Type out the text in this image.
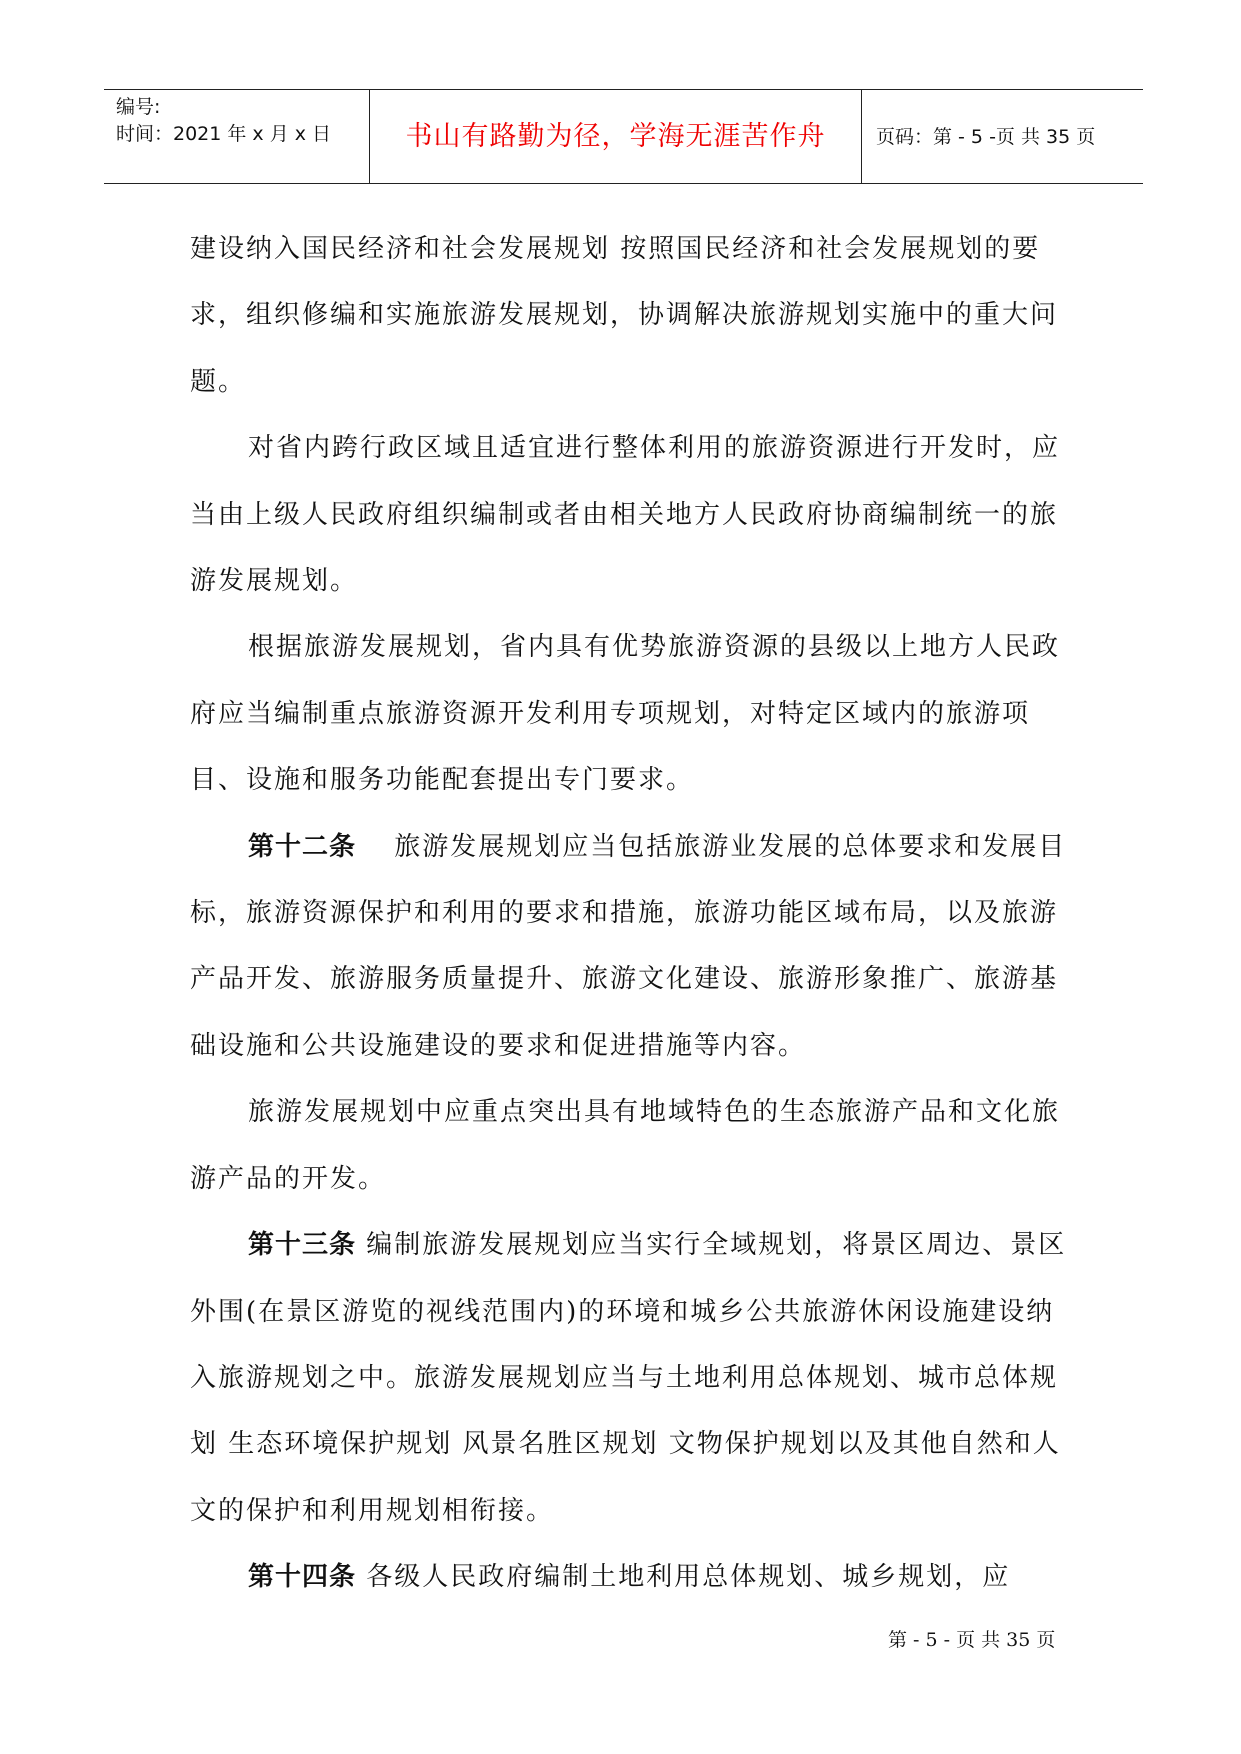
编号:
时间：2021 年 x 月 x 日	书山有路勤为径，学海无涯苦作舟	页码：第 - 5 -页 共 35 页

建设纳入国民经济和社会发展规划 按照国民经济和社会发展规划的要求，组织修编和实施旅游发展规划，协调解决旅游规划实施中的重大问题。

对省内跨行政区域且适宜进行整体利用的旅游资源进行开发时，应当由上级人民政府组织编制或者由相关地方人民政府协商编制统一的旅游发展规划。

根据旅游发展规划，省内具有优势旅游资源的县级以上地方人民政府应当编制重点旅游资源开发利用专项规划，对特定区域内的旅游项目、设施和服务功能配套提出专门要求。

第十二条　 旅游发展规划应当包括旅游业发展的总体要求和发展目标，旅游资源保护和利用的要求和措施，旅游功能区域布局，以及旅游产品开发、旅游服务质量提升、旅游文化建设、旅游形象推广、旅游基础设施和公共设施建设的要求和促进措施等内容。

旅游发展规划中应重点突出具有地域特色的生态旅游产品和文化旅游产品的开发。

第十三条 编制旅游发展规划应当实行全域规划，将景区周边、景区外围(在景区游览的视线范围内)的环境和城乡公共旅游休闲设施建设纳入旅游规划之中。旅游发展规划应当与土地利用总体规划、城市总体规划 生态环境保护规划 风景名胜区规划 文物保护规划以及其他自然和人文的保护和利用规划相衔接。

第十四条 各级人民政府编制土地利用总体规划、城乡规划，应

第 - 5 - 页 共 35 页
